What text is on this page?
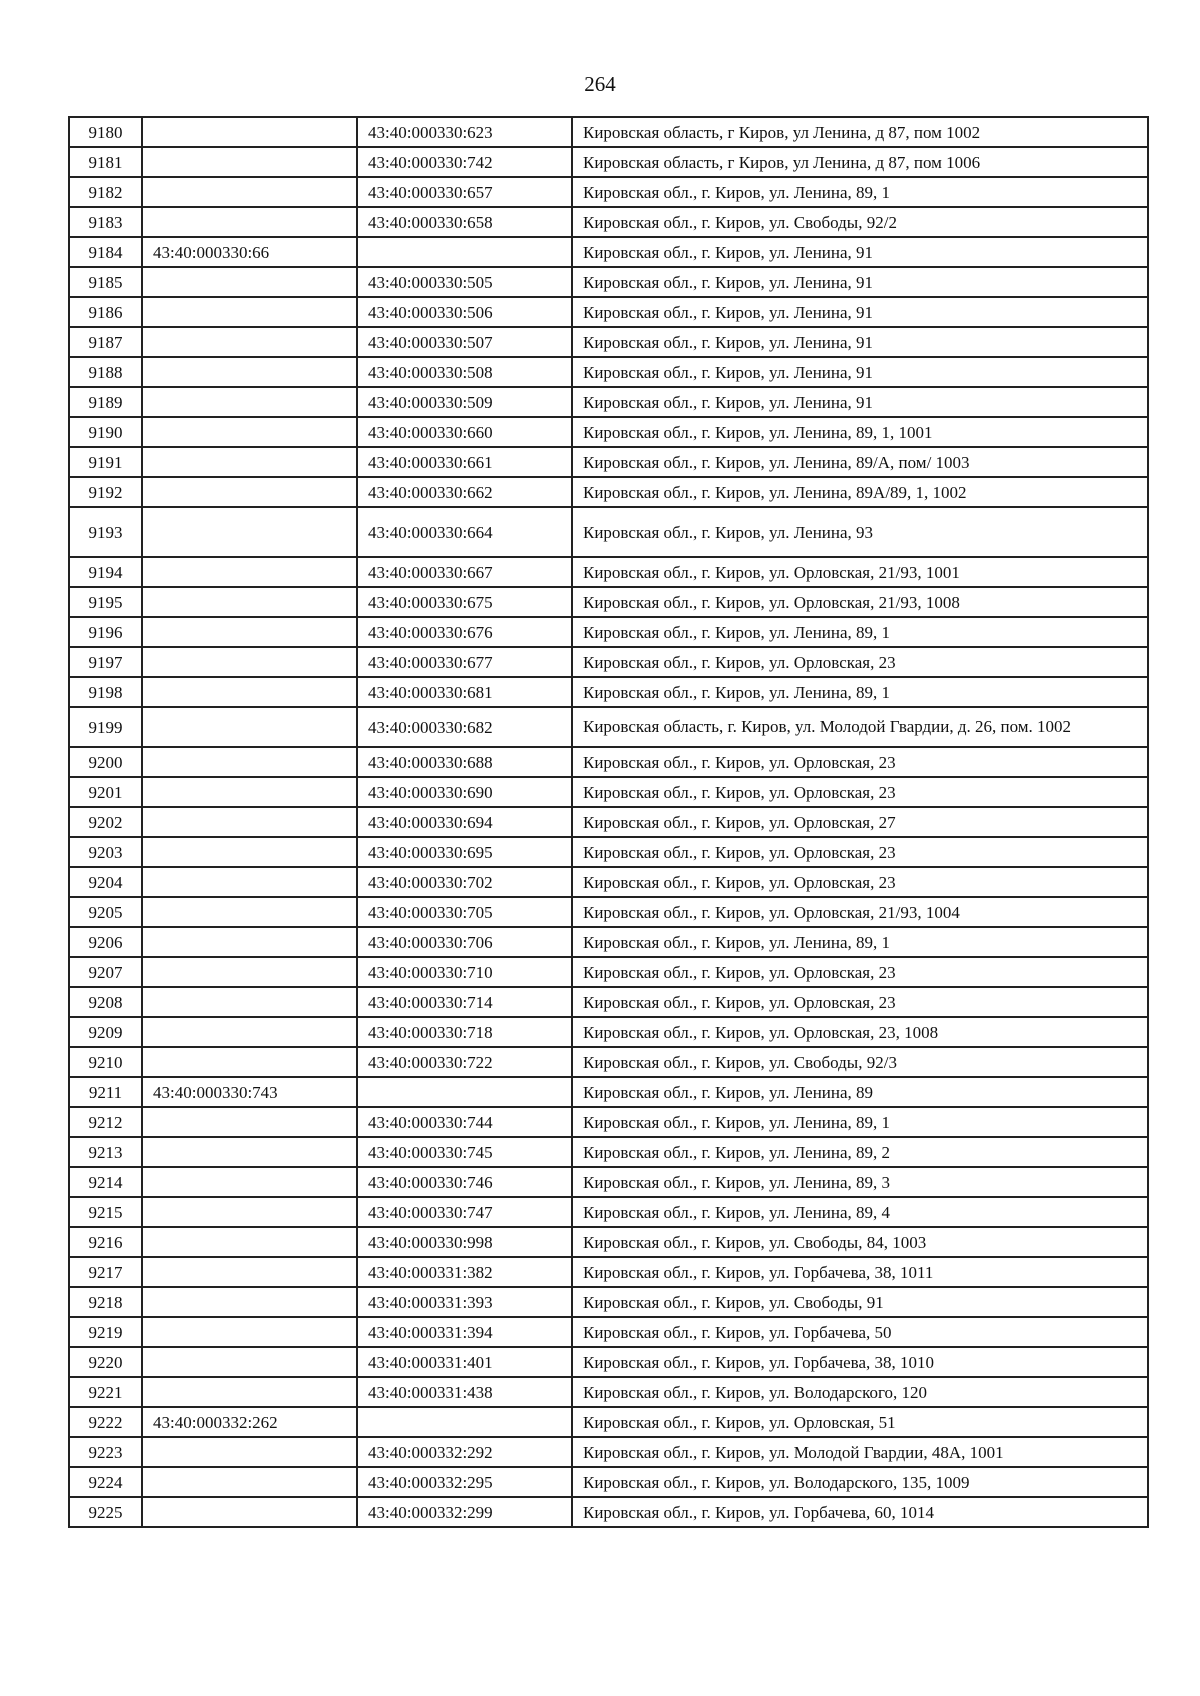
264
9180		43:40:000330:623	Кировская область, г Киров, ул Ленина, д 87, пом 1002
9181		43:40:000330:742	Кировская область, г Киров, ул Ленина, д 87, пом 1006
9182		43:40:000330:657	Кировская обл., г. Киров, ул. Ленина, 89, 1
9183		43:40:000330:658	Кировская обл., г. Киров, ул. Свободы, 92/2
9184	43:40:000330:66		Кировская обл., г. Киров, ул. Ленина, 91
9185		43:40:000330:505	Кировская обл., г. Киров, ул. Ленина, 91
9186		43:40:000330:506	Кировская обл., г. Киров, ул. Ленина, 91
9187		43:40:000330:507	Кировская обл., г. Киров, ул. Ленина, 91
9188		43:40:000330:508	Кировская обл., г. Киров, ул. Ленина, 91
9189		43:40:000330:509	Кировская обл., г. Киров, ул. Ленина, 91
9190		43:40:000330:660	Кировская обл., г. Киров, ул. Ленина, 89, 1, 1001
9191		43:40:000330:661	Кировская обл., г. Киров, ул. Ленина, 89/А, пом/ 1003
9192		43:40:000330:662	Кировская обл., г. Киров, ул. Ленина, 89А/89, 1, 1002
9193		43:40:000330:664	Кировская обл., г. Киров, ул. Ленина, 93
9194		43:40:000330:667	Кировская обл., г. Киров, ул. Орловская, 21/93, 1001
9195		43:40:000330:675	Кировская обл., г. Киров, ул. Орловская, 21/93, 1008
9196		43:40:000330:676	Кировская обл., г. Киров, ул. Ленина, 89, 1
9197		43:40:000330:677	Кировская обл., г. Киров, ул. Орловская, 23
9198		43:40:000330:681	Кировская обл., г. Киров, ул. Ленина, 89, 1
9199		43:40:000330:682	Кировская область, г. Киров, ул. Молодой Гвардии, д. 26, пом. 1002
9200		43:40:000330:688	Кировская обл., г. Киров, ул. Орловская, 23
9201		43:40:000330:690	Кировская обл., г. Киров, ул. Орловская, 23
9202		43:40:000330:694	Кировская обл., г. Киров, ул. Орловская, 27
9203		43:40:000330:695	Кировская обл., г. Киров, ул. Орловская, 23
9204		43:40:000330:702	Кировская обл., г. Киров, ул. Орловская, 23
9205		43:40:000330:705	Кировская обл., г. Киров, ул. Орловская, 21/93, 1004
9206		43:40:000330:706	Кировская обл., г. Киров, ул. Ленина, 89, 1
9207		43:40:000330:710	Кировская обл., г. Киров, ул. Орловская, 23
9208		43:40:000330:714	Кировская обл., г. Киров, ул. Орловская, 23
9209		43:40:000330:718	Кировская обл., г. Киров, ул. Орловская, 23, 1008
9210		43:40:000330:722	Кировская обл., г. Киров, ул. Свободы, 92/3
9211	43:40:000330:743		Кировская обл., г. Киров, ул. Ленина, 89
9212		43:40:000330:744	Кировская обл., г. Киров, ул. Ленина, 89, 1
9213		43:40:000330:745	Кировская обл., г. Киров, ул. Ленина, 89, 2
9214		43:40:000330:746	Кировская обл., г. Киров, ул. Ленина, 89, 3
9215		43:40:000330:747	Кировская обл., г. Киров, ул. Ленина, 89, 4
9216		43:40:000330:998	Кировская обл., г. Киров, ул. Свободы, 84, 1003
9217		43:40:000331:382	Кировская обл., г. Киров, ул. Горбачева, 38, 1011
9218		43:40:000331:393	Кировская обл., г. Киров, ул. Свободы, 91
9219		43:40:000331:394	Кировская обл., г. Киров, ул. Горбачева, 50
9220		43:40:000331:401	Кировская обл., г. Киров, ул. Горбачева, 38, 1010
9221		43:40:000331:438	Кировская обл., г. Киров, ул. Володарского, 120
9222	43:40:000332:262		Кировская обл., г. Киров, ул. Орловская, 51
9223		43:40:000332:292	Кировская обл., г. Киров, ул. Молодой Гвардии, 48А, 1001
9224		43:40:000332:295	Кировская обл., г. Киров, ул. Володарского, 135, 1009
9225		43:40:000332:299	Кировская обл., г. Киров, ул. Горбачева, 60, 1014
